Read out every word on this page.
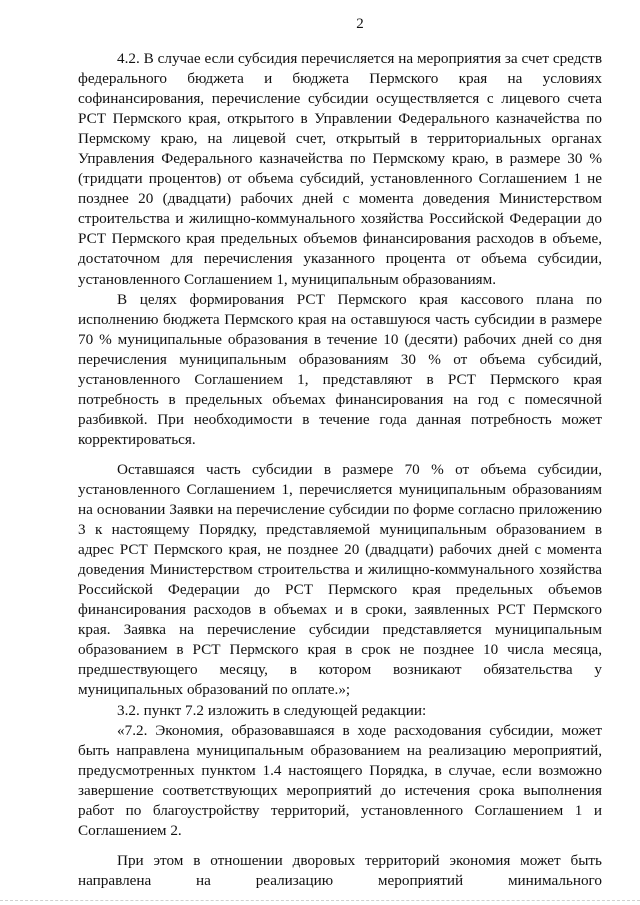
2

4.2. В случае если субсидия перечисляется на мероприятия за счет средств федерального бюджета и бюджета Пермского края на условиях софинансирования, перечисление субсидии осуществляется с лицевого счета РСТ Пермского края, открытого в Управлении Федерального казначейства по Пермскому краю, на лицевой счет, открытый в территориальных органах Управления Федерального казначейства по Пермскому краю, в размере 30 % (тридцати процентов) от объема субсидий, установленного Соглашением 1 не позднее 20 (двадцати) рабочих дней с момента доведения Министерством строительства и жилищно-коммунального хозяйства Российской Федерации до РСТ Пермского края предельных объемов финансирования расходов в объеме, достаточном для перечисления указанного процента от объема субсидии, установленного Соглашением 1, муниципальным образованиям.

В целях формирования РСТ Пермского края кассового плана по исполнению бюджета Пермского края на оставшуюся часть субсидии в размере 70 % муниципальные образования в течение 10 (десяти) рабочих дней со дня перечисления муниципальным образованиям 30 % от объема субсидий, установленного Соглашением 1, представляют в РСТ Пермского края потребность в предельных объемах финансирования на год с помесячной разбивкой. При необходимости в течение года данная потребность может корректироваться.

Оставшаяся часть субсидии в размере 70 % от объема субсидии, установленного Соглашением 1, перечисляется муниципальным образованиям на основании Заявки на перечисление субсидии по форме согласно приложению 3 к настоящему Порядку, представляемой муниципальным образованием в адрес РСТ Пермского края, не позднее 20 (двадцати) рабочих дней с момента доведения Министерством строительства и жилищно-коммунального хозяйства Российской Федерации до РСТ Пермского края предельных объемов финансирования расходов в объемах и в сроки, заявленных РСТ Пермского края. Заявка на перечисление субсидии представляется муниципальным образованием в РСТ Пермского края в срок не позднее 10 числа месяца, предшествующего месяцу, в котором возникают обязательства у муниципальных образований по оплате.»;

3.2. пункт 7.2 изложить в следующей редакции:

«7.2. Экономия, образовавшаяся в ходе расходования субсидии, может быть направлена муниципальным образованием на реализацию мероприятий, предусмотренных пунктом 1.4 настоящего Порядка, в случае, если возможно завершение соответствующих мероприятий до истечения срока выполнения работ по благоустройству территорий, установленного Соглашением 1 и Соглашением 2.

При этом в отношении дворовых территорий экономия может быть направлена на реализацию мероприятий минимального
